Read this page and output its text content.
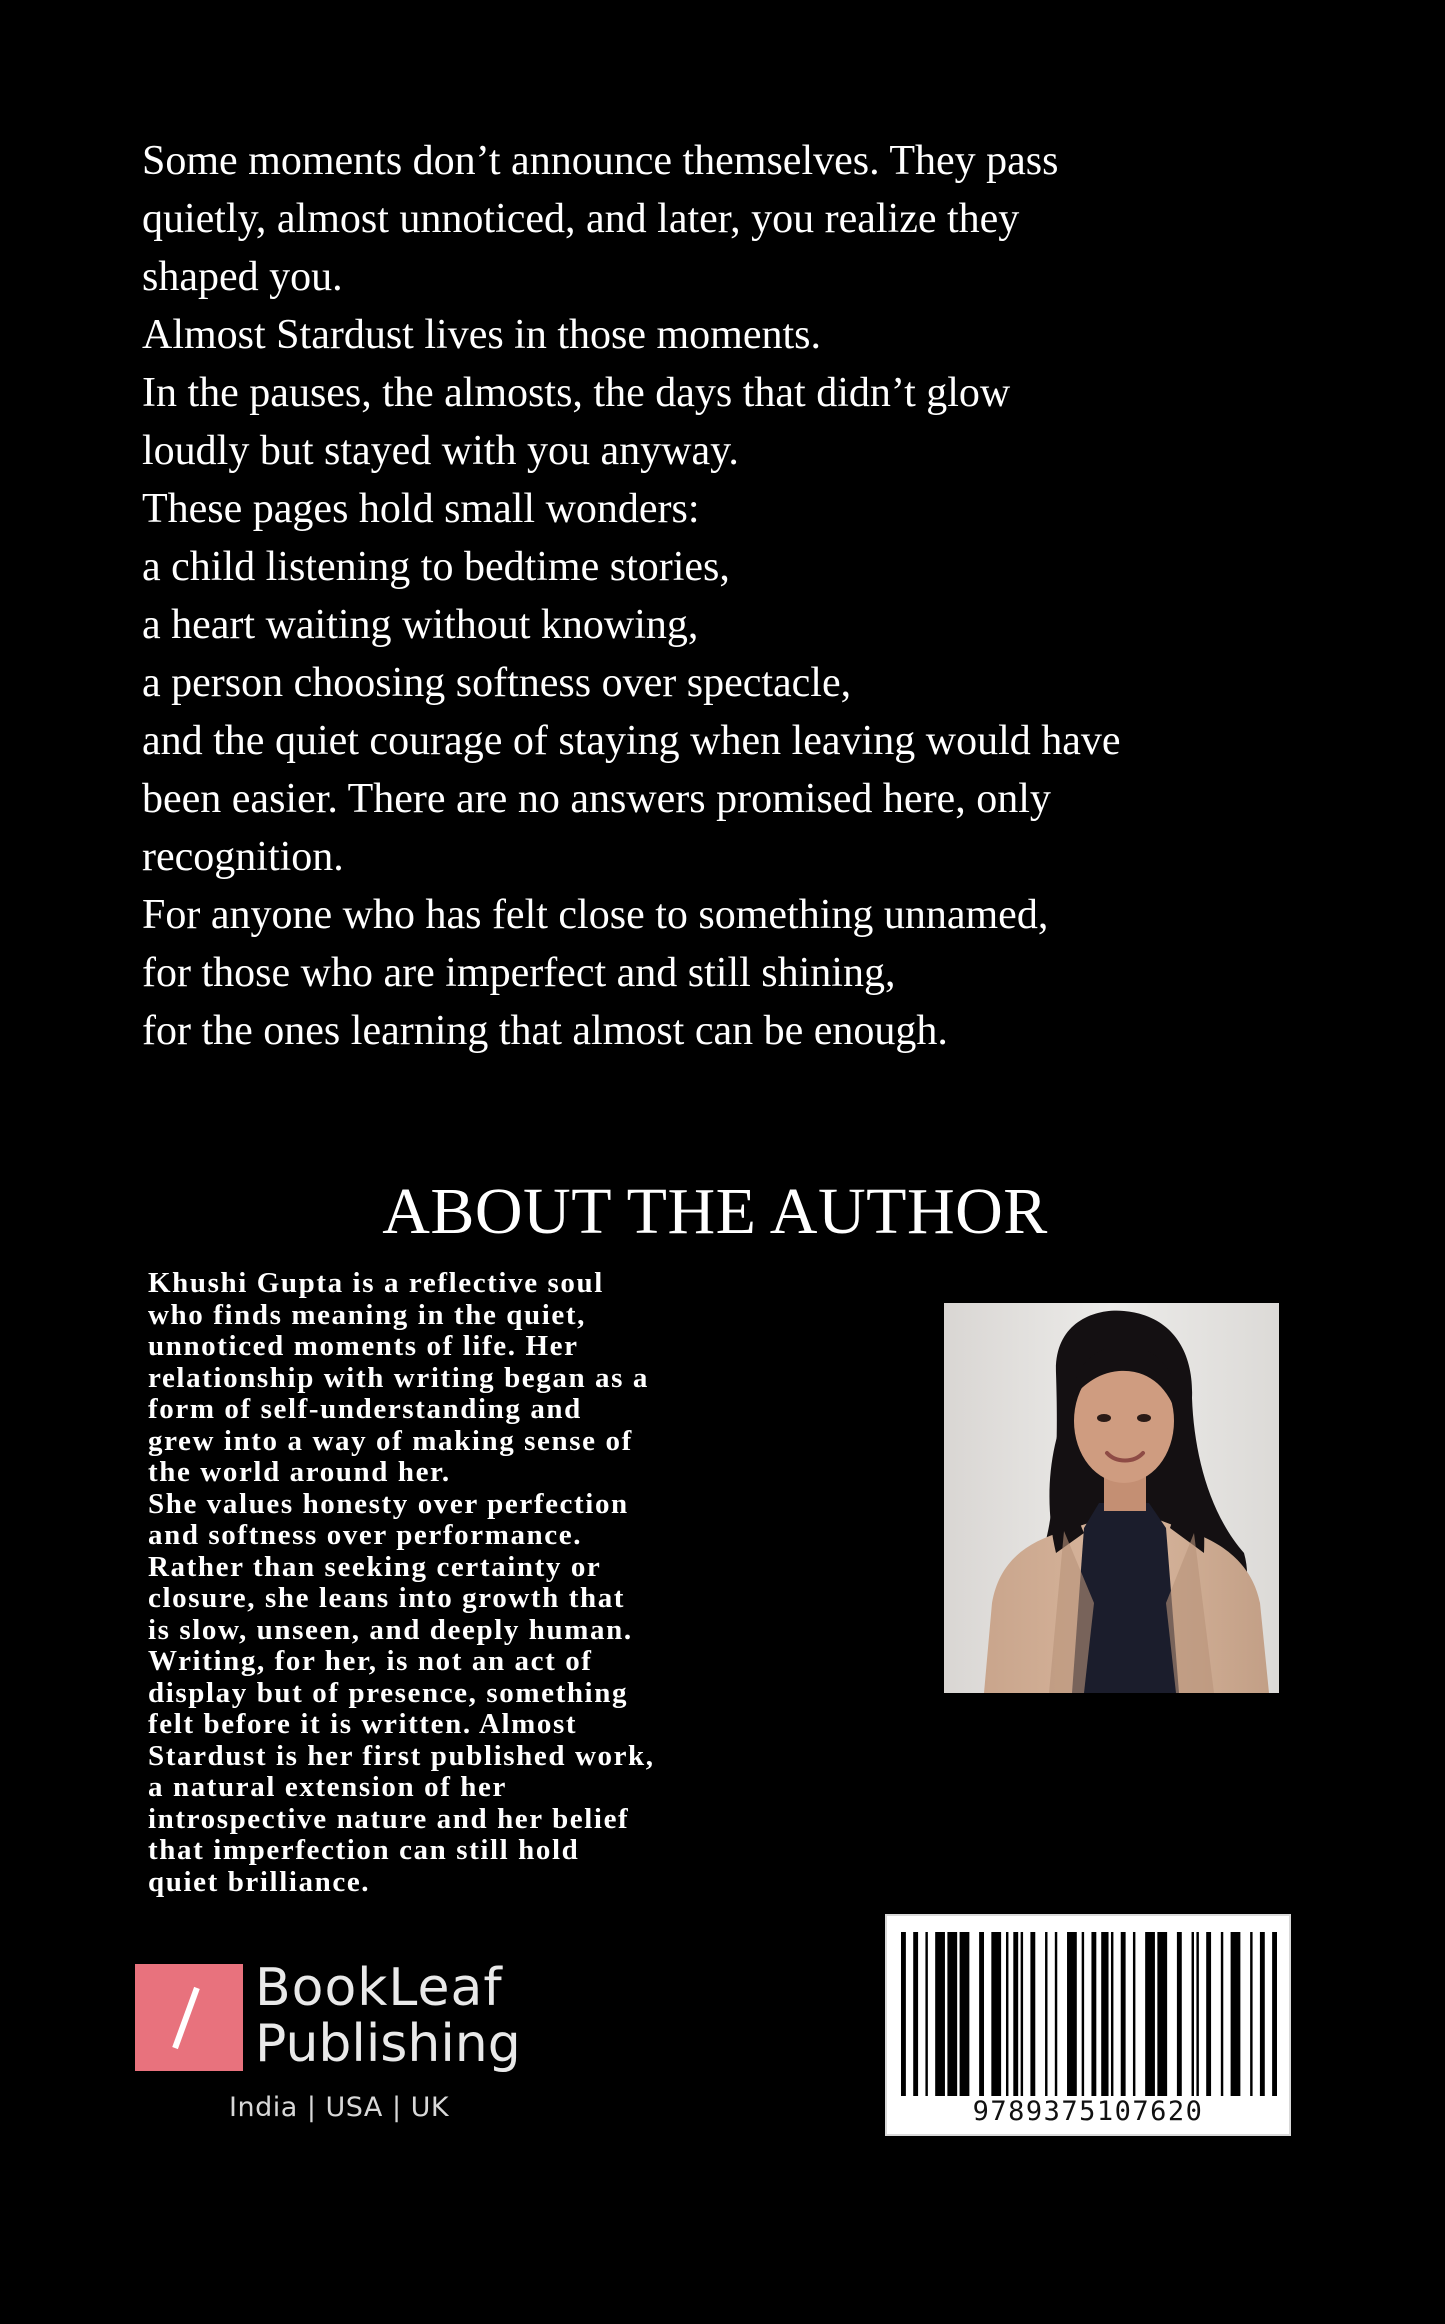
Some moments don’t announce themselves. They pass
quietly, almost unnoticed, and later, you realize they
shaped you.
Almost Stardust lives in those moments.
In the pauses, the almosts, the days that didn’t glow
loudly but stayed with you anyway.
These pages hold small wonders:
a child listening to bedtime stories,
a heart waiting without knowing,
a person choosing softness over spectacle,
and the quiet courage of staying when leaving would have
been easier. There are no answers promised here, only
recognition.
For anyone who has felt close to something unnamed,
for those who are imperfect and still shining,
for the ones learning that almost can be enough.
ABOUT THE AUTHOR
Khushi Gupta is a reflective soul
who finds meaning in the quiet,
unnoticed moments of life. Her
relationship with writing began as a
form of self-understanding and
grew into a way of making sense of
the world around her.
She values honesty over perfection
and softness over performance.
Rather than seeking certainty or
closure, she leans into growth that
is slow, unseen, and deeply human.
Writing, for her, is not an act of
display but of presence, something
felt before it is written. Almost
Stardust is her first published work,
a natural extension of her
introspective nature and her belief
that imperfection can still hold
quiet brilliance.
BookLeaf
Publishing
India | USA | UK	9789375107620
